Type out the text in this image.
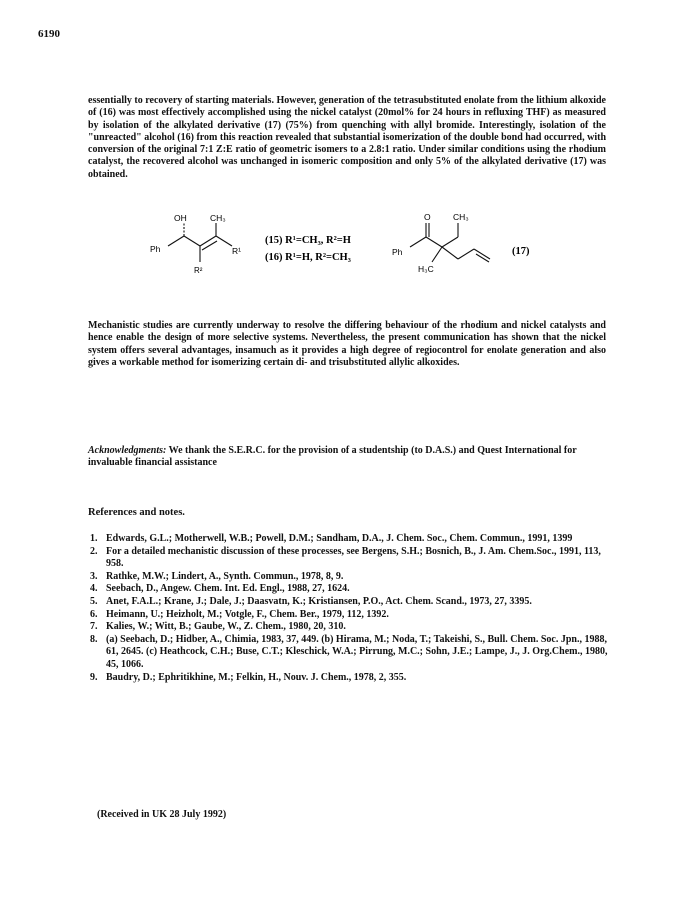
6190

essentially to recovery of starting materials. However, generation of the tetrasubstituted enolate from the lithium alkoxide of (16) was most effectively accomplished using the nickel catalyst (20mol% for 24 hours in refluxing THF) as measured by isolation of the alkylated derivative (17) (75%) from quenching with allyl bromide. Interestingly, isolation of the "unreacted" alcohol (16) from this reaction revealed that substantial isomerization of the double bond had occurred, with conversion of the original 7:1 Z:E ratio of geometric isomers to a 2.8:1 ratio. Under similar conditions using the rhodium catalyst, the recovered alcohol was unchanged in isomeric composition and only 5% of the alkylated derivative (17) was obtained.

OH	CH₃
Ph	R¹
R²
(15) R¹=CH₃, R²=H
(16) R¹=H, R²=CH₃
O	CH₃
Ph
H₃C
(17)

Mechanistic studies are currently underway to resolve the differing behaviour of the rhodium and nickel catalysts and hence enable the design of more selective systems. Nevertheless, the present communication has shown that the nickel system offers several advantages, insamuch as it provides a high degree of regiocontrol for enolate generation and also gives a workable method for isomerizing certain di- and trisubstituted allylic alkoxides.

Acknowledgments: We thank the S.E.R.C. for the provision of a studentship (to D.A.S.) and Quest International for invaluable financial assistance
References and notes.
1. Edwards, G.L.; Motherwell, W.B.; Powell, D.M.; Sandham, D.A., J. Chem. Soc., Chem. Commun., 1991, 1399
2. For a detailed mechanistic discussion of these processes, see Bergens, S.H.; Bosnich, B., J. Am. Chem.Soc., 1991, 113, 958.
3. Rathke, M.W.; Lindert, A., Synth. Commun., 1978, 8, 9.
4. Seebach, D., Angew. Chem. Int. Ed. Engl., 1988, 27, 1624.
5. Anet, F.A.L.; Krane, J.; Dale, J.; Daasvatn, K.; Kristiansen, P.O., Act. Chem. Scand., 1973, 27, 3395.
6. Heimann, U.; Heizholt, M.; Votgle, F., Chem. Ber., 1979, 112, 1392.
7. Kalies, W.; Witt, B.; Gaube, W., Z. Chem., 1980, 20, 310.
8. (a) Seebach, D.; Hidber, A., Chimia, 1983, 37, 449. (b) Hirama, M.; Noda, T.; Takeishi, S., Bull. Chem. Soc. Jpn., 1988, 61, 2645. (c) Heathcock, C.H.; Buse, C.T.; Kleschick, W.A.; Pirrung, M.C.; Sohn, J.E.; Lampe, J., J. Org.Chem., 1980, 45, 1066.
9. Baudry, D.; Ephritikhine, M.; Felkin, H., Nouv. J. Chem., 1978, 2, 355.
(Received in UK 28 July 1992)
